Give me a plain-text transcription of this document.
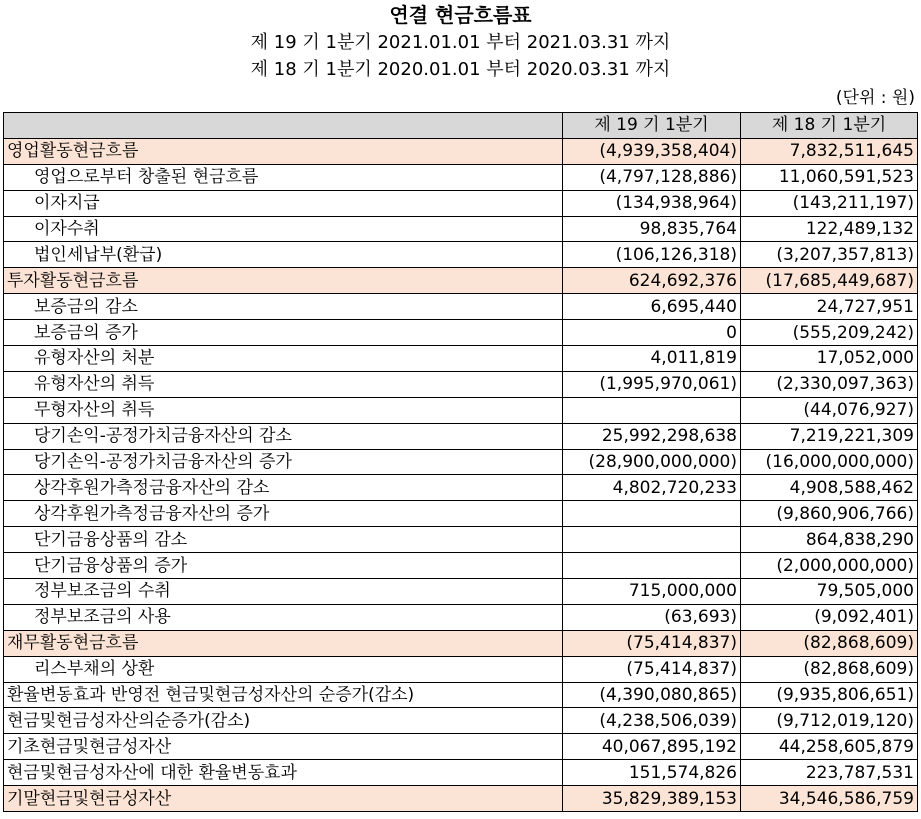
연결 현금흐름표
제 19 기 1분기 2021.01.01 부터 2021.03.31 까지
제 18 기 1분기 2020.01.01 부터 2020.03.31 까지
(단위 : 원)
	제 19 기 1분기	제 18 기 1분기
영업활동현금흐름	(4,939,358,404)	7,832,511,645
영업으로부터 창출된 현금흐름	(4,797,128,886)	11,060,591,523
이자지급	(134,938,964)	(143,211,197)
이자수취	98,835,764	122,489,132
법인세납부(환급)	(106,126,318)	(3,207,357,813)
투자활동현금흐름	624,692,376	(17,685,449,687)
보증금의 감소	6,695,440	24,727,951
보증금의 증가	0	(555,209,242)
유형자산의 처분	4,011,819	17,052,000
유형자산의 취득	(1,995,970,061)	(2,330,097,363)
무형자산의 취득		(44,076,927)
당기손익-공정가치금융자산의 감소	25,992,298,638	7,219,221,309
당기손익-공정가치금융자산의 증가	(28,900,000,000)	(16,000,000,000)
상각후원가측정금융자산의 감소	4,802,720,233	4,908,588,462
상각후원가측정금융자산의 증가		(9,860,906,766)
단기금융상품의 감소		864,838,290
단기금융상품의 증가		(2,000,000,000)
정부보조금의 수취	715,000,000	79,505,000
정부보조금의 사용	(63,693)	(9,092,401)
재무활동현금흐름	(75,414,837)	(82,868,609)
리스부채의 상환	(75,414,837)	(82,868,609)
환율변동효과 반영전 현금및현금성자산의 순증가(감소)	(4,390,080,865)	(9,935,806,651)
현금및현금성자산의순증가(감소)	(4,238,506,039)	(9,712,019,120)
기초현금및현금성자산	40,067,895,192	44,258,605,879
현금및현금성자산에 대한 환율변동효과	151,574,826	223,787,531
기말현금및현금성자산	35,829,389,153	34,546,586,759
